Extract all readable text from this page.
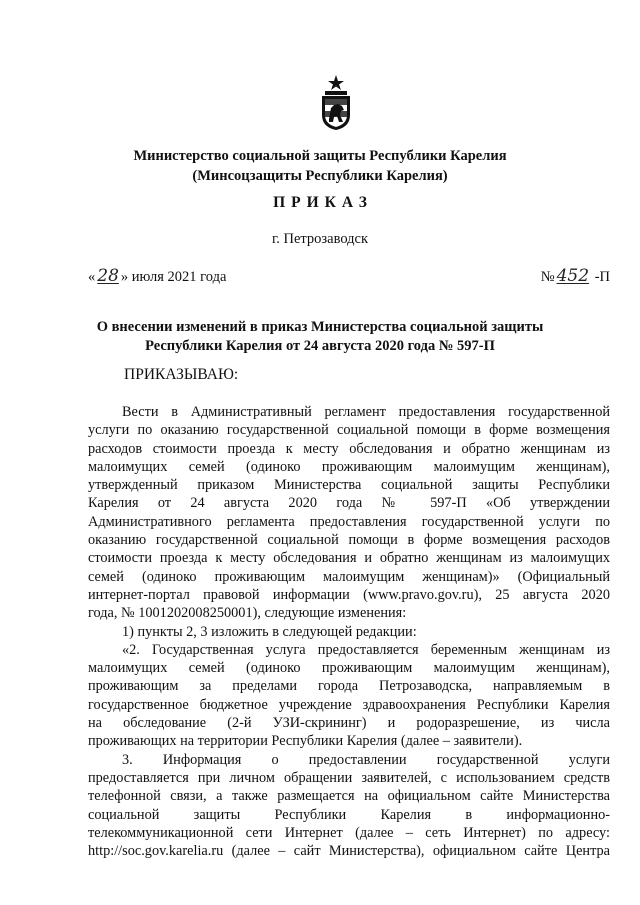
Министерство социальной защиты Республики Карелия
(Минсоцзащиты Республики Карелия)
ПРИКАЗ
г. Петрозаводск
« 28 » июля 2021 года	№ 452 -П
О внесении изменений в приказ Министерства социальной защиты
Республики Карелия от 24 августа 2020 года № 597-П
ПРИКАЗЫВАЮ:
Вести в Административный регламент предоставления государственной
услуги по оказанию государственной социальной помощи в форме возмещения
расходов стоимости проезда к месту обследования и обратно женщинам из
малоимущих семей (одиноко проживающим малоимущим женщинам),
утвержденный приказом Министерства социальной защиты Республики
Карелия от 24 августа 2020 года № 597-П «Об утверждении
Административного регламента предоставления государственной услуги по
оказанию государственной социальной помощи в форме возмещения расходов
стоимости проезда к месту обследования и обратно женщинам из малоимущих
семей (одиноко проживающим малоимущим женщинам)» (Официальный
интернет-портал правовой информации (www.pravo.gov.ru), 25 августа 2020
года, № 1001202008250001), следующие изменения:
1) пункты 2, 3 изложить в следующей редакции:
«2. Государственная услуга предоставляется беременным женщинам из
малоимущих семей (одиноко проживающим малоимущим женщинам),
проживающим за пределами города Петрозаводска, направляемым в
государственное бюджетное учреждение здравоохранения Республики Карелия
на обследование (2-й УЗИ-скрининг) и родоразрешение, из числа
проживающих на территории Республики Карелия (далее – заявители).
3. Информация о предоставлении государственной услуги
предоставляется при личном обращении заявителей, с использованием средств
телефонной связи, а также размещается на официальном сайте Министерства
социальной защиты Республики Карелия в информационно-
телекоммуникационной сети Интернет (далее – сеть Интернет) по адресу:
http://soc.gov.karelia.ru (далее – сайт Министерства), официальном сайте Центра
